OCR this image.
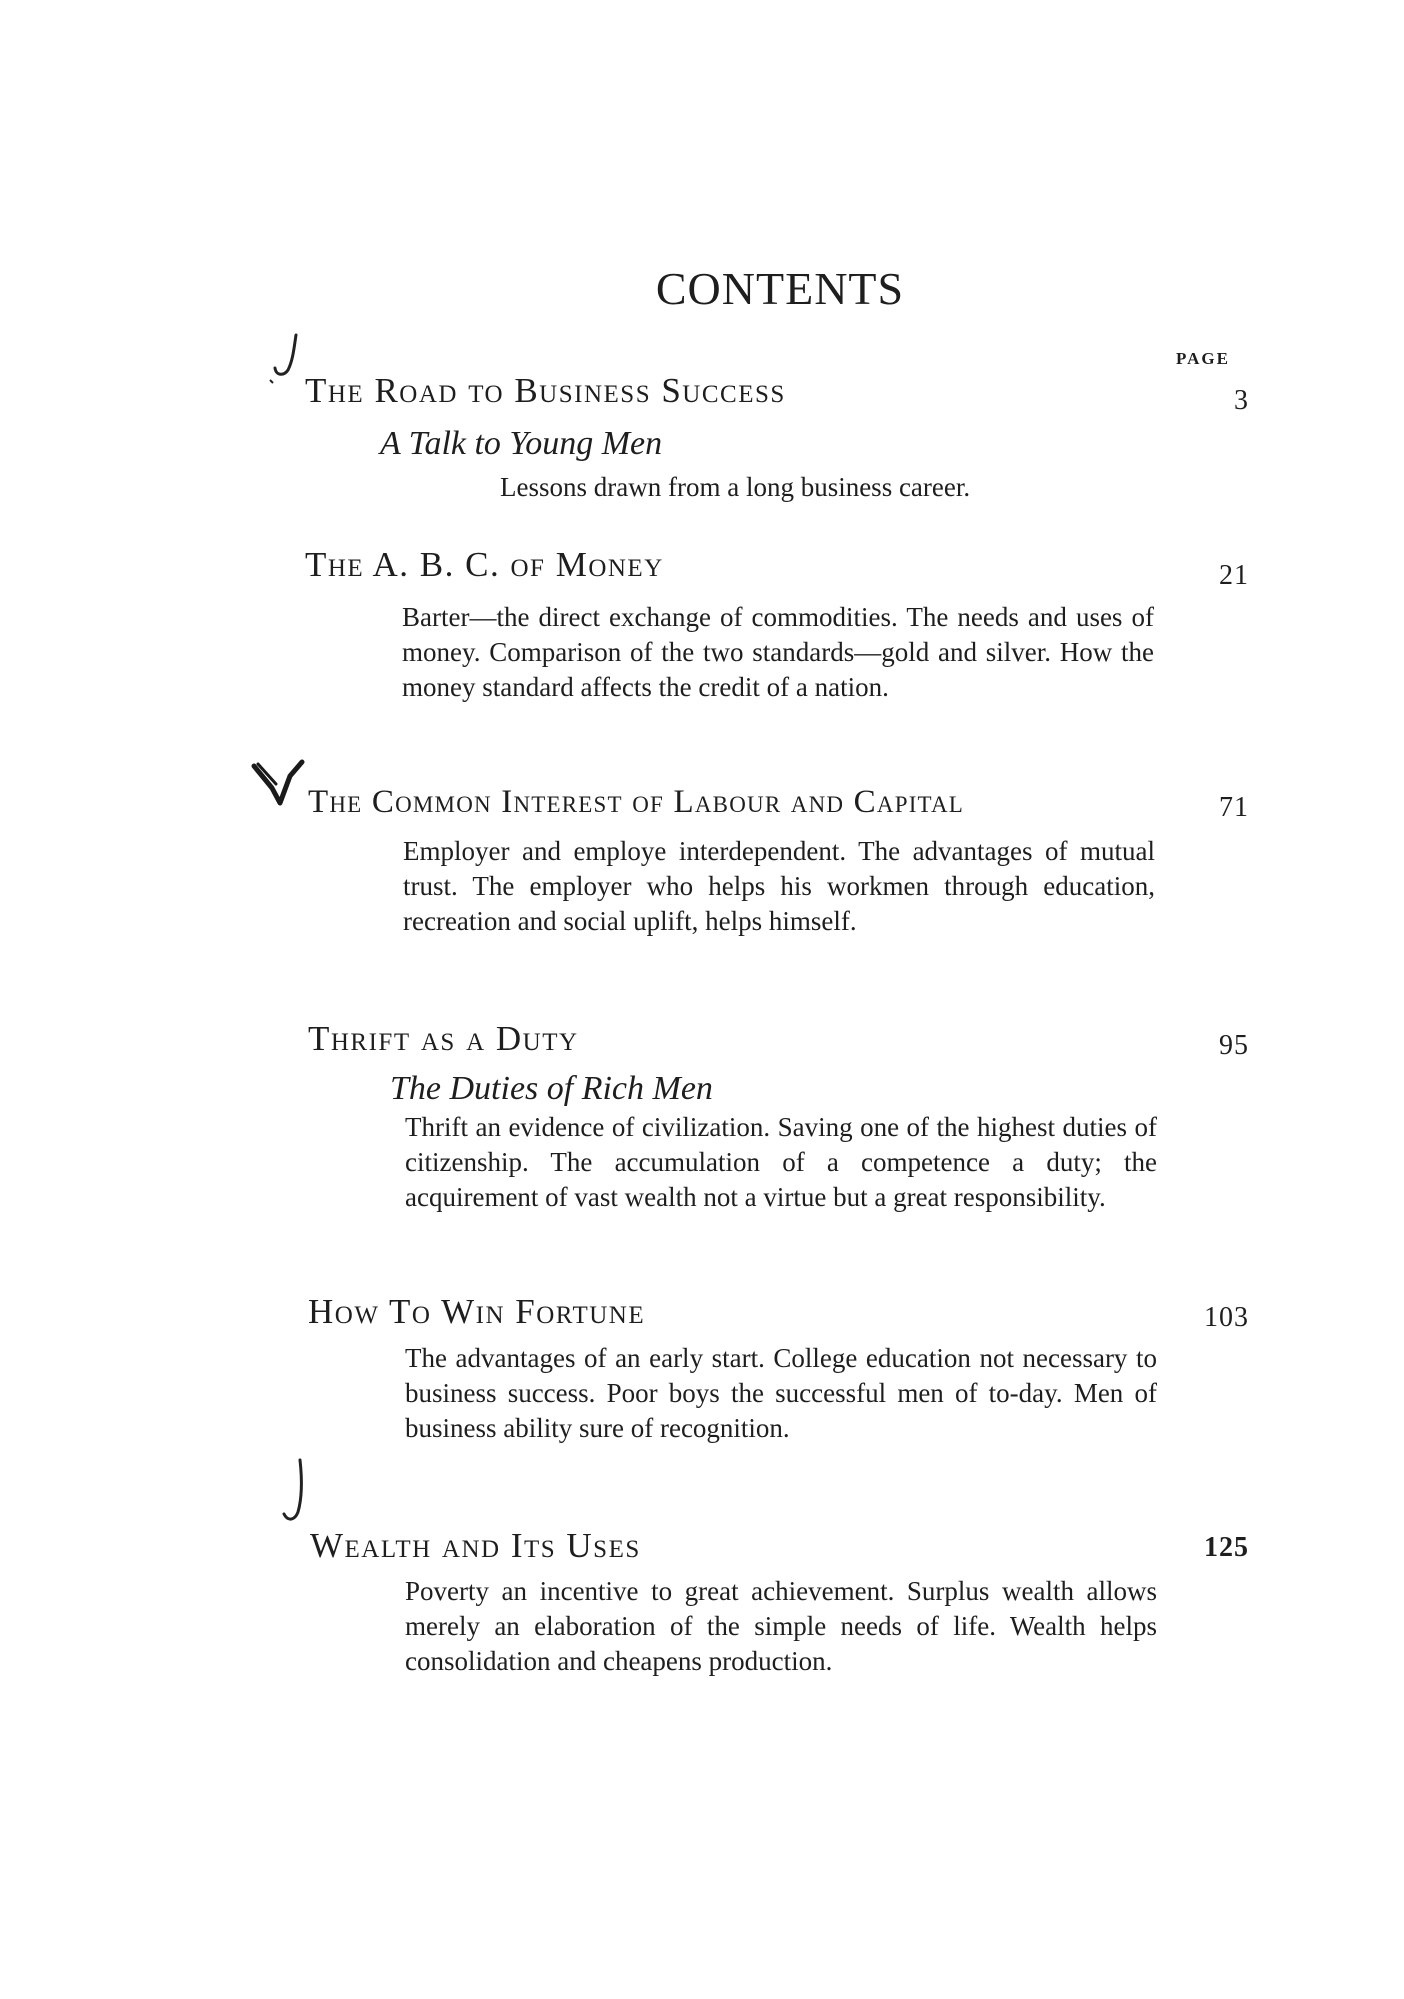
CONTENTS
PAGE
The Road to Business Success	3
A Talk to Young Men
Lessons drawn from a long business career.
The A. B. C. of Money	21
Barter—the direct exchange of commodities. The needs and uses of money. Comparison of the two standards—gold and silver. How the money standard affects the credit of a nation.
The Common Interest of Labour and Capital	71
Employer and employe interdependent. The advantages of mutual trust. The employer who helps his workmen through education, recreation and social uplift, helps himself.
Thrift as a Duty	95
The Duties of Rich Men
Thrift an evidence of civilization. Saving one of the highest duties of citizenship. The accumulation of a competence a duty; the acquirement of vast wealth not a virtue but a great responsibility.
How To Win Fortune	103
The advantages of an early start. College education not necessary to business success. Poor boys the successful men of to-day. Men of business ability sure of recognition.
Wealth and Its Uses	125
Poverty an incentive to great achievement. Surplus wealth allows merely an elaboration of the simple needs of life. Wealth helps consolidation and cheapens production.
